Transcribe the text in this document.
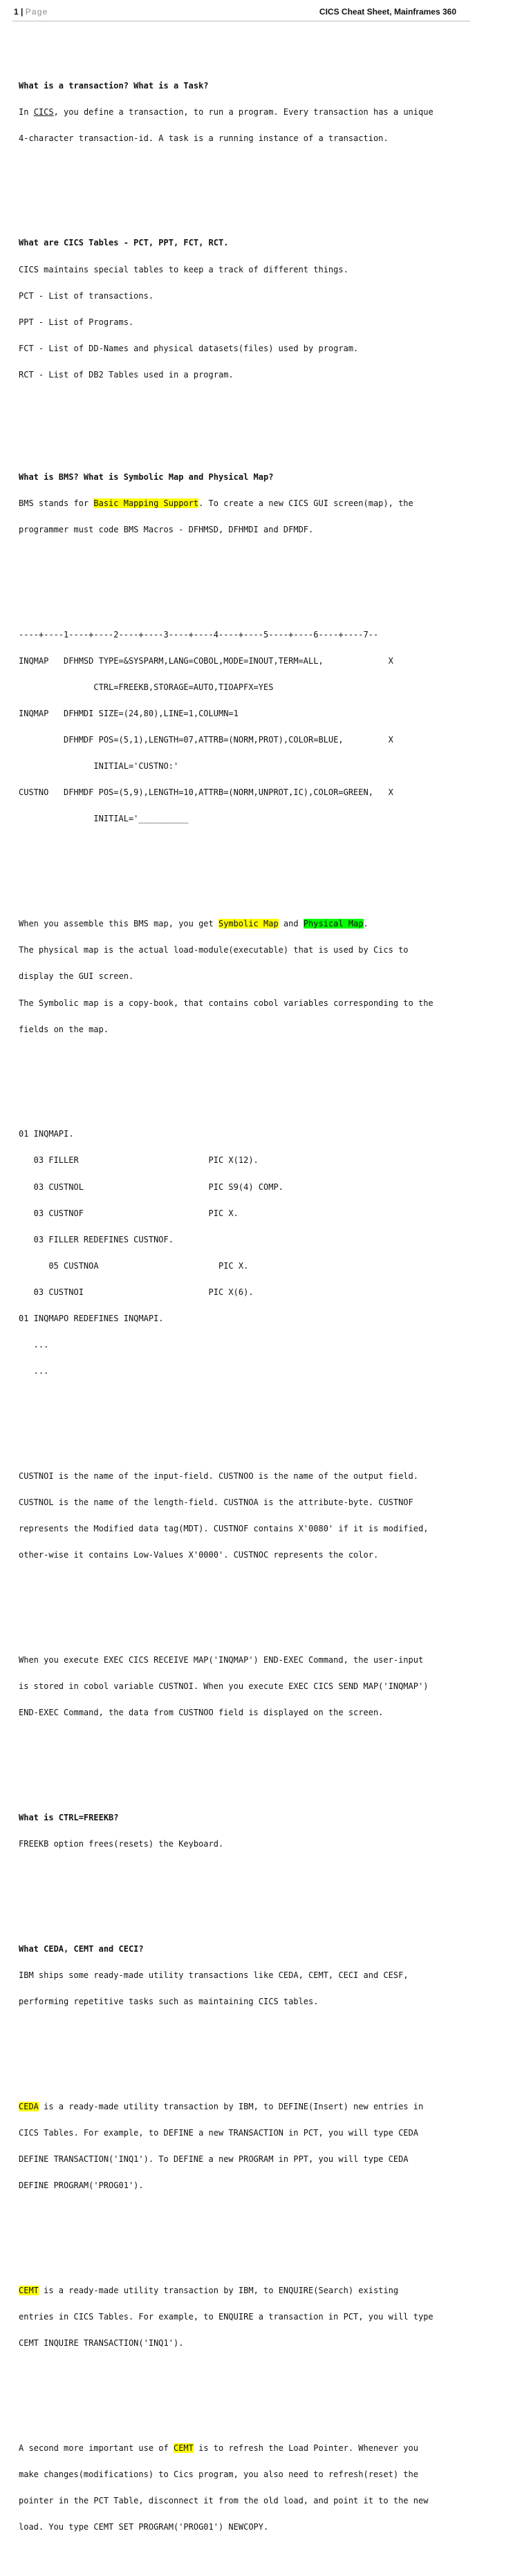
1 | Page	CICS Cheat Sheet, Mainframes 360

What is a transaction? What is a Task?

In CICS, you define a transaction, to run a program. Every transaction has a unique

4-character transaction-id. A task is a running instance of a transaction.

What are CICS Tables - PCT, PPT, FCT, RCT.

CICS maintains special tables to keep a track of different things.

PCT - List of transactions.

PPT - List of Programs.

FCT - List of DD-Names and physical datasets(files) used by program.

RCT - List of DB2 Tables used in a program.

What is BMS? What is Symbolic Map and Physical Map?

BMS stands for Basic Mapping Support. To create a new CICS GUI screen(map), the

programmer must code BMS Macros - DFHMSD, DFHMDI and DFMDF.

----+----1----+----2----+----3----+----4----+----5----+----6----+----7--

INQMAP   DFHMSD TYPE=&SYSPARM,LANG=COBOL,MODE=INOUT,TERM=ALL,             X

CTRL=FREEKB,STORAGE=AUTO,TIOAPFX=YES

INQMAP   DFHMDI SIZE=(24,80),LINE=1,COLUMN=1

DFHMDF POS=(5,1),LENGTH=07,ATTRB=(NORM,PROT),COLOR=BLUE,         X

INITIAL='CUSTNO:'

CUSTNO   DFHMDF POS=(5,9),LENGTH=10,ATTRB=(NORM,UNPROT,IC),COLOR=GREEN,   X

INITIAL='__________

When you assemble this BMS map, you get Symbolic Map and Physical Map.

The physical map is the actual load-module(executable) that is used by Cics to

display the GUI screen.

The Symbolic map is a copy-book, that contains cobol variables corresponding to the

fields on the map.

01 INQMAPI.

03 FILLER                          PIC X(12).

03 CUSTNOL                         PIC S9(4) COMP.

03 CUSTNOF                         PIC X.

03 FILLER REDEFINES CUSTNOF.

05 CUSTNOA                        PIC X.

03 CUSTNOI                         PIC X(6).

01 INQMAPO REDEFINES INQMAPI.

...

...

CUSTNOI is the name of the input-field. CUSTNOO is the name of the output field.

CUSTNOL is the name of the length-field. CUSTNOA is the attribute-byte. CUSTNOF

represents the Modified data tag(MDT). CUSTNOF contains X'0080' if it is modified,

other-wise it contains Low-Values X'0000'. CUSTNOC represents the color.

When you execute EXEC CICS RECEIVE MAP('INQMAP') END-EXEC Command, the user-input

is stored in cobol variable CUSTNOI. When you execute EXEC CICS SEND MAP('INQMAP')

END-EXEC Command, the data from CUSTNOO field is displayed on the screen.

What is CTRL=FREEKB?

FREEKB option frees(resets) the Keyboard.

What CEDA, CEMT and CECI?

IBM ships some ready-made utility transactions like CEDA, CEMT, CECI and CESF,

performing repetitive tasks such as maintaining CICS tables.

CEDA is a ready-made utility transaction by IBM, to DEFINE(Insert) new entries in

CICS Tables. For example, to DEFINE a new TRANSACTION in PCT, you will type CEDA

DEFINE TRANSACTION('INQ1'). To DEFINE a new PROGRAM in PPT, you will type CEDA

DEFINE PROGRAM('PROG01').

CEMT is a ready-made utility transaction by IBM, to ENQUIRE(Search) existing

entries in CICS Tables. For example, to ENQUIRE a transaction in PCT, you will type

CEMT INQUIRE TRANSACTION('INQ1').

A second more important use of CEMT is to refresh the Load Pointer. Whenever you

make changes(modifications) to Cics program, you also need to refresh(reset) the

pointer in the PCT Table, disconnect it from the old load, and point it to the new

load. You type CEMT SET PROGRAM('PROG01') NEWCOPY.
